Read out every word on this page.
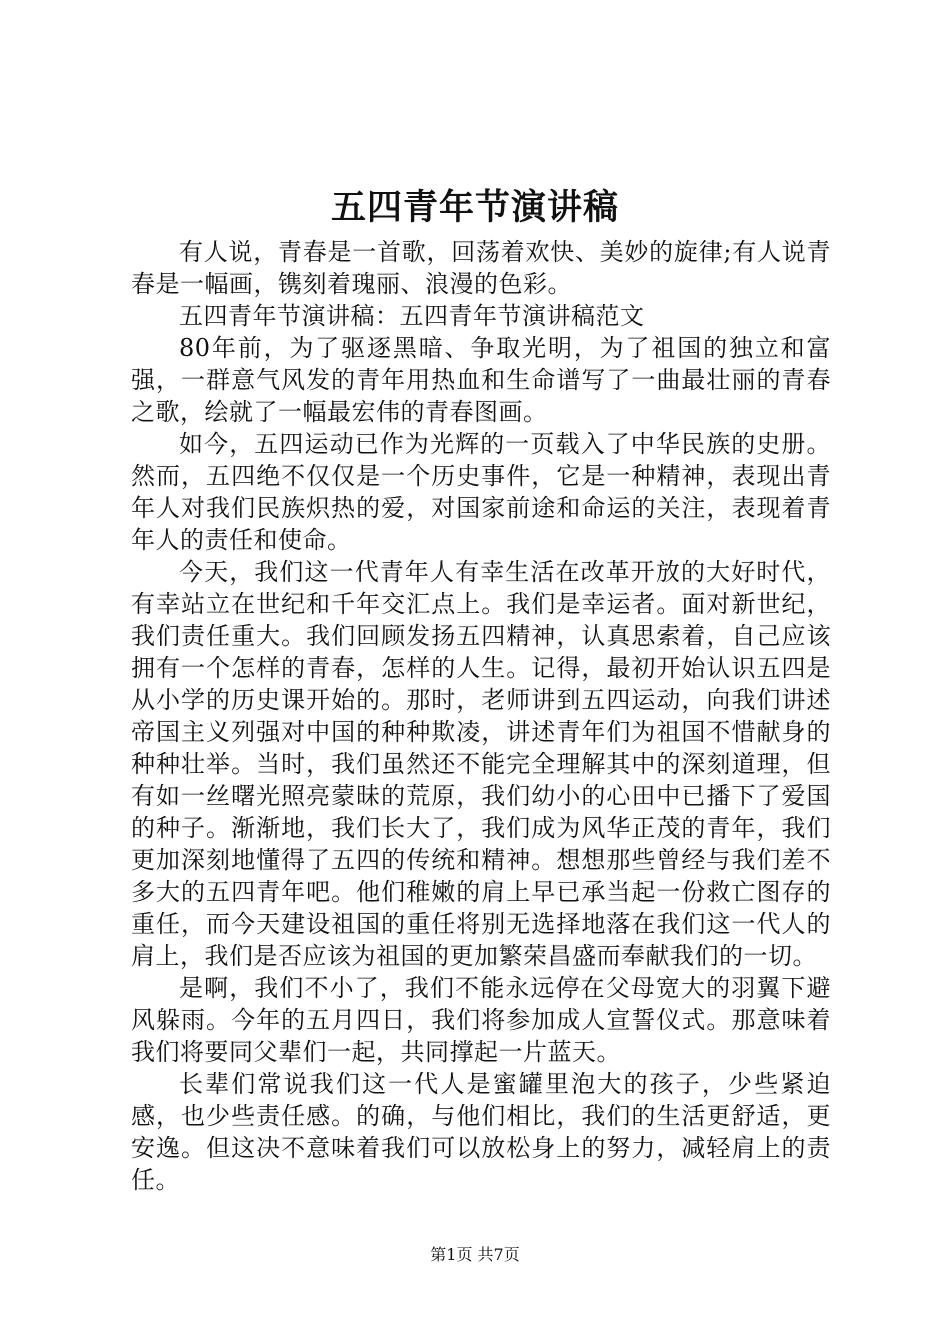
五四青年节演讲稿

有人说，青春是一首歌，回荡着欢快、美妙的旋律;有人说青春是一幅画，镌刻着瑰丽、浪漫的色彩。

五四青年节演讲稿：五四青年节演讲稿范文

80年前，为了驱逐黑暗、争取光明，为了祖国的独立和富强，一群意气风发的青年用热血和生命谱写了一曲最壮丽的青春之歌，绘就了一幅最宏伟的青春图画。

如今，五四运动已作为光辉的一页载入了中华民族的史册。然而，五四绝不仅仅是一个历史事件，它是一种精神，表现出青年人对我们民族炽热的爱，对国家前途和命运的关注，表现着青年人的责任和使命。

今天，我们这一代青年人有幸生活在改革开放的大好时代，有幸站立在世纪和千年交汇点上。我们是幸运者。面对新世纪，我们责任重大。我们回顾发扬五四精神，认真思索着，自己应该拥有一个怎样的青春，怎样的人生。记得，最初开始认识五四是从小学的历史课开始的。那时，老师讲到五四运动，向我们讲述帝国主义列强对中国的种种欺凌，讲述青年们为祖国不惜献身的种种壮举。当时，我们虽然还不能完全理解其中的深刻道理，但有如一丝曙光照亮蒙昧的荒原，我们幼小的心田中已播下了爱国的种子。渐渐地，我们长大了，我们成为风华正茂的青年，我们更加深刻地懂得了五四的传统和精神。想想那些曾经与我们差不多大的五四青年吧。他们稚嫩的肩上早已承当起一份救亡图存的重任，而今天建设祖国的重任将别无选择地落在我们这一代人的肩上，我们是否应该为祖国的更加繁荣昌盛而奉献我们的一切。

是啊，我们不小了，我们不能永远停在父母宽大的羽翼下避风躲雨。今年的五月四日，我们将参加成人宣誓仪式。那意味着我们将要同父辈们一起，共同撑起一片蓝天。

长辈们常说我们这一代人是蜜罐里泡大的孩子，少些紧迫感，也少些责任感。的确，与他们相比，我们的生活更舒适，更安逸。但这决不意味着我们可以放松身上的努力，减轻肩上的责任。

第1页 共7页
